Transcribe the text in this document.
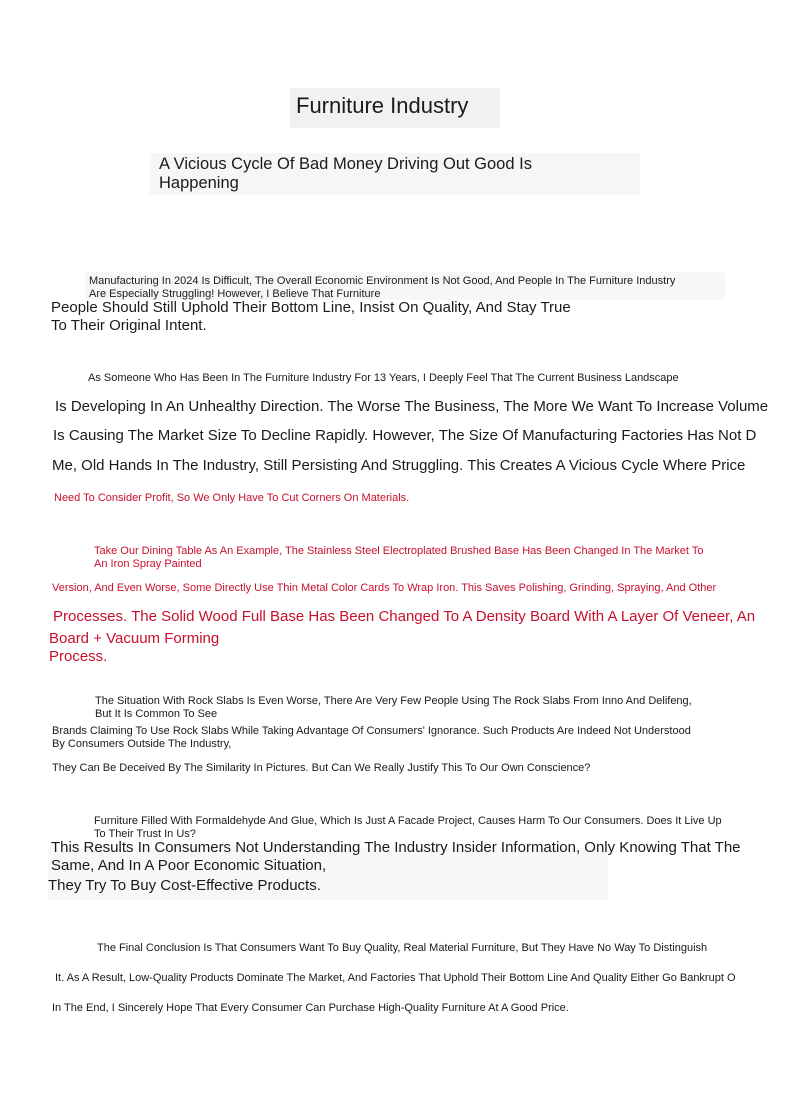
Furniture Industry
A Vicious Cycle Of Bad Money Driving Out Good Is Happening
Manufacturing In 2024 Is Difficult, The Overall Economic Environment Is Not Good, And People In The Furniture Industry Are Especially Struggling! However, I Believe That Furniture
People Should Still Uphold Their Bottom Line, Insist On Quality, And Stay True To Their Original Intent.
As Someone Who Has Been In The Furniture Industry For 13 Years, I Deeply Feel That The Current Business Landscape
Is Developing In An Unhealthy Direction. The Worse The Business, The More We Want To Increase Volume
Is Causing The Market Size To Decline Rapidly. However, The Size Of Manufacturing Factories Has Not D
Me, Old Hands In The Industry, Still Persisting And Struggling. This Creates A Vicious Cycle Where Price
Need To Consider Profit, So We Only Have To Cut Corners On Materials.
Take Our Dining Table As An Example, The Stainless Steel Electroplated Brushed Base Has Been Changed In The Market To An Iron Spray Painted
Version, And Even Worse, Some Directly Use Thin Metal Color Cards To Wrap Iron. This Saves Polishing, Grinding, Spraying, And Other
Processes. The Solid Wood Full Base Has Been Changed To A Density Board With A Layer Of Veneer, An
Board + Vacuum Forming
Process.
The Situation With Rock Slabs Is Even Worse, There Are Very Few People Using The Rock Slabs From Inno And Delifeng, But It Is Common To See
Brands Claiming To Use Rock Slabs While Taking Advantage Of Consumers' Ignorance. Such Products Are Indeed Not Understood By Consumers Outside The Industry,
They Can Be Deceived By The Similarity In Pictures. But Can We Really Justify This To Our Own Conscience?
Furniture Filled With Formaldehyde And Glue, Which Is Just A Facade Project, Causes Harm To Our Consumers. Does It Live Up To Their Trust In Us?
This Results In Consumers Not Understanding The Industry Insider Information, Only Knowing That The
Same, And In A Poor Economic Situation,
They Try To Buy Cost-Effective Products.
The Final Conclusion Is That Consumers Want To Buy Quality, Real Material Furniture, But They Have No Way To Distinguish
It. As A Result, Low-Quality Products Dominate The Market, And Factories That Uphold Their Bottom Line And Quality Either Go Bankrupt O
In The End, I Sincerely Hope That Every Consumer Can Purchase High-Quality Furniture At A Good Price.
